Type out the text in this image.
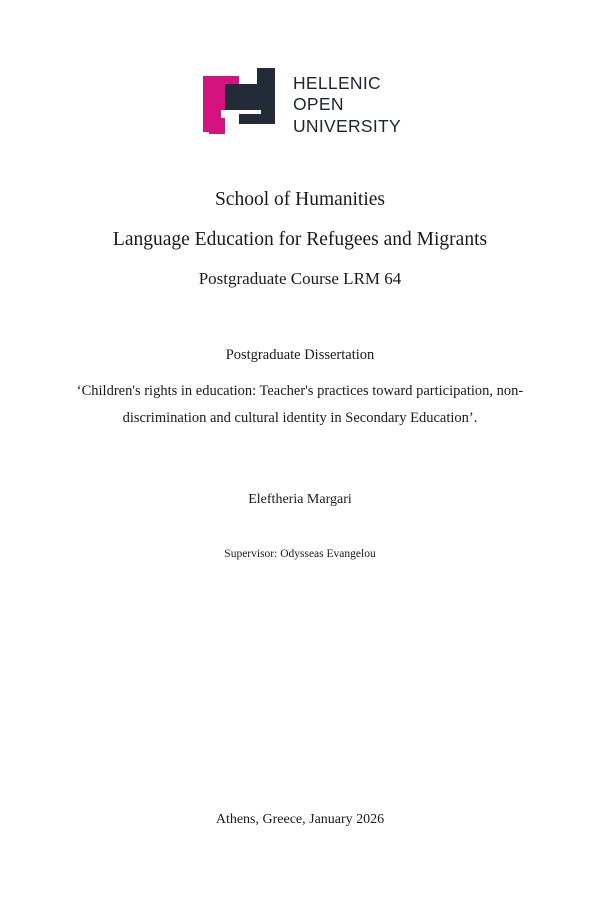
HELLENIC
OPEN
UNIVERSITY
School of Humanities
Language Education for Refugees and Migrants
Postgraduate Course LRM 64
Postgraduate Dissertation
‘Children's rights in education: Teacher's practices toward participation, non-discrimination and cultural identity in Secondary Education’.
Eleftheria Margari
Supervisor: Odysseas Evangelou
Athens, Greece, January 2026
